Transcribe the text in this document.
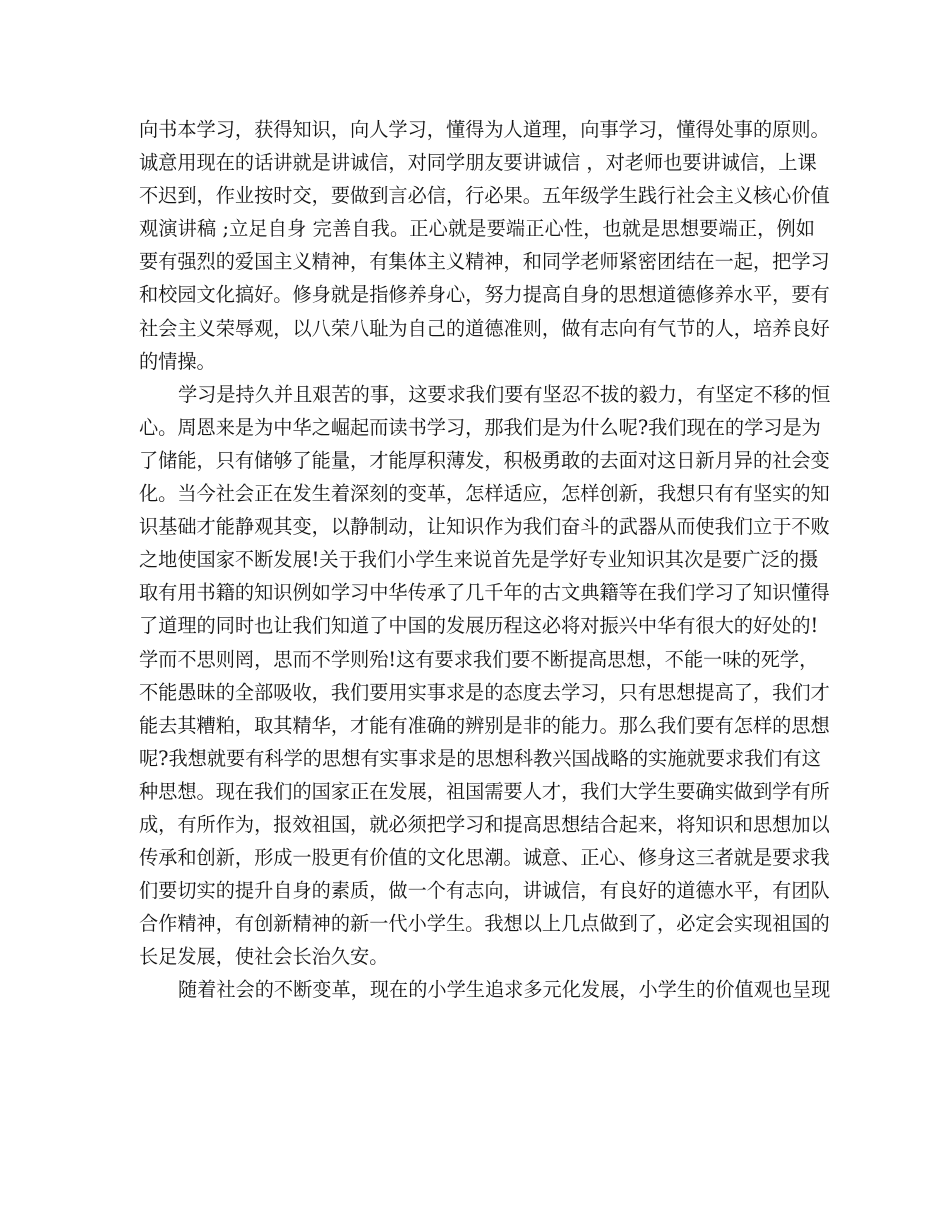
向书本学习，获得知识，向人学习，懂得为人道理，向事学习，懂得处事的原则。
诚意用现在的话讲就是讲诚信，对同学朋友要讲诚信 ，对老师也要讲诚信，上课
不迟到，作业按时交，要做到言必信，行必果。五年级学生践行社会主义核心价值
观演讲稿 ;立足自身 完善自我。正心就是要端正心性，也就是思想要端正，例如
要有强烈的爱国主义精神，有集体主义精神，和同学老师紧密团结在一起，把学习
和校园文化搞好。修身就是指修养身心，努力提高自身的思想道德修养水平，要有
社会主义荣辱观，以八荣八耻为自己的道德准则，做有志向有气节的人，培养良好
的情操。
学习是持久并且艰苦的事，这要求我们要有坚忍不拔的毅力，有坚定不移的恒
心。周恩来是为中华之崛起而读书学习，那我们是为什么呢?我们现在的学习是为
了储能，只有储够了能量，才能厚积薄发，积极勇敢的去面对这日新月异的社会变
化。当今社会正在发生着深刻的变革，怎样适应，怎样创新，我想只有有坚实的知
识基础才能静观其变，以静制动，让知识作为我们奋斗的武器从而使我们立于不败
之地使国家不断发展!关于我们小学生来说首先是学好专业知识其次是要广泛的摄
取有用书籍的知识例如学习中华传承了几千年的古文典籍等在我们学习了知识懂得
了道理的同时也让我们知道了中国的发展历程这必将对振兴中华有很大的好处的!
学而不思则罔，思而不学则殆!这有要求我们要不断提高思想，不能一味的死学，
不能愚昧的全部吸收，我们要用实事求是的态度去学习，只有思想提高了，我们才
能去其糟粕，取其精华，才能有准确的辨别是非的能力。那么我们要有怎样的思想
呢?我想就要有科学的思想有实事求是的思想科教兴国战略的实施就要求我们有这
种思想。现在我们的国家正在发展，祖国需要人才，我们大学生要确实做到学有所
成，有所作为，报效祖国，就必须把学习和提高思想结合起来，将知识和思想加以
传承和创新，形成一股更有价值的文化思潮。诚意、正心、修身这三者就是要求我
们要切实的提升自身的素质，做一个有志向，讲诚信，有良好的道德水平，有团队
合作精神，有创新精神的新一代小学生。我想以上几点做到了，必定会实现祖国的
长足发展，使社会长治久安。
随着社会的不断变革，现在的小学生追求多元化发展，小学生的价值观也呈现
